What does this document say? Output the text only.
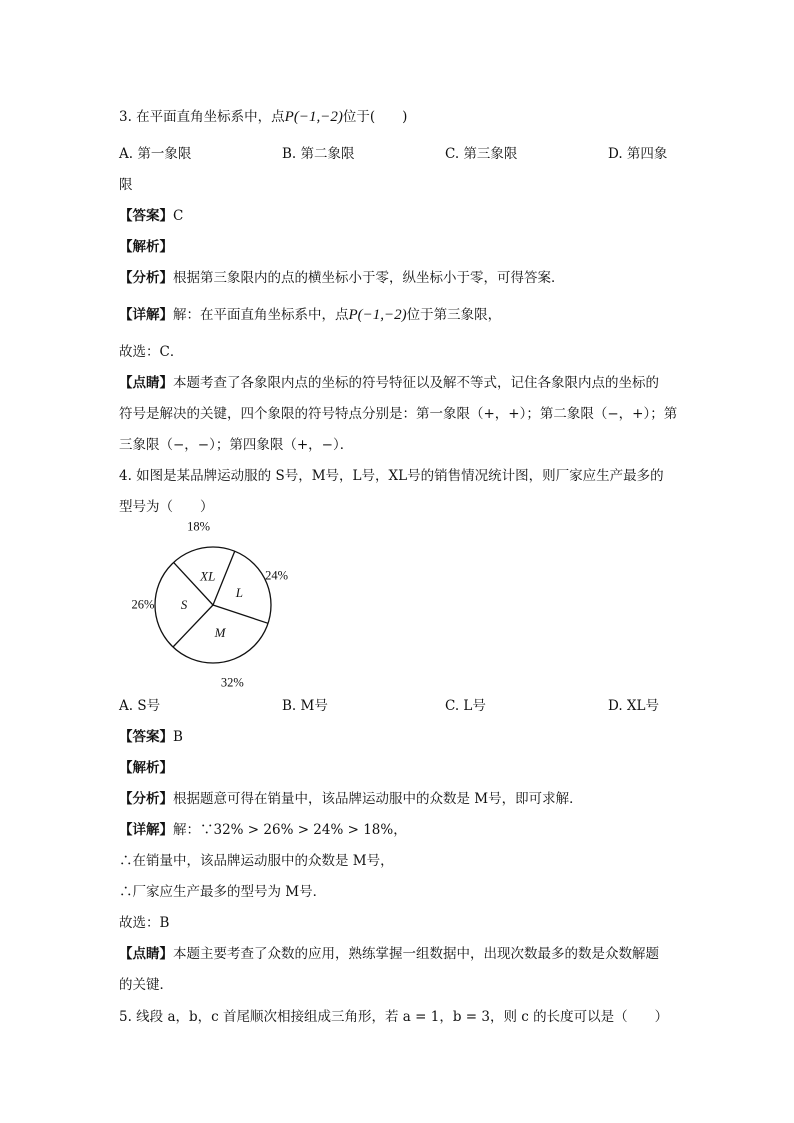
3. 在平面直角坐标系中，点P(−1,−2)位于(　　)
A. 第一象限	B. 第二象限	C. 第三象限	D. 第四象
限
【答案】C
【解析】
【分析】根据第三象限内的点的横坐标小于零，纵坐标小于零，可得答案．
【详解】解：在平面直角坐标系中，点P(−1,−2)位于第三象限，
故选：C．
【点睛】本题考查了各象限内点的坐标的符号特征以及解不等式，记住各象限内点的坐标的
符号是解决的关键，四个象限的符号特点分别是：第一象限（+，+）；第二象限（−，+）；第
三象限（−，−）；第四象限（+，−）．
4. 如图是某品牌运动服的 S号，M号，L号，XL号的销售情况统计图，则厂家应生产最多的
型号为（　　）
L
24%
M
32%
S
26%
XL
18%
A. S号	B. M号	C. L号	D. XL号
【答案】B
【解析】
【分析】根据题意可得在销量中，该品牌运动服中的众数是 M号，即可求解．
【详解】解：∵32% > 26% > 24% > 18%，
∴在销量中，该品牌运动服中的众数是 M号，
∴厂家应生产最多的型号为 M号．
故选：B
【点睛】本题主要考查了众数的应用，熟练掌握一组数据中，出现次数最多的数是众数解题
的关键．
5. 线段 a，b，c 首尾顺次相接组成三角形，若 a = 1，b = 3，则 c 的长度可以是（　　）
